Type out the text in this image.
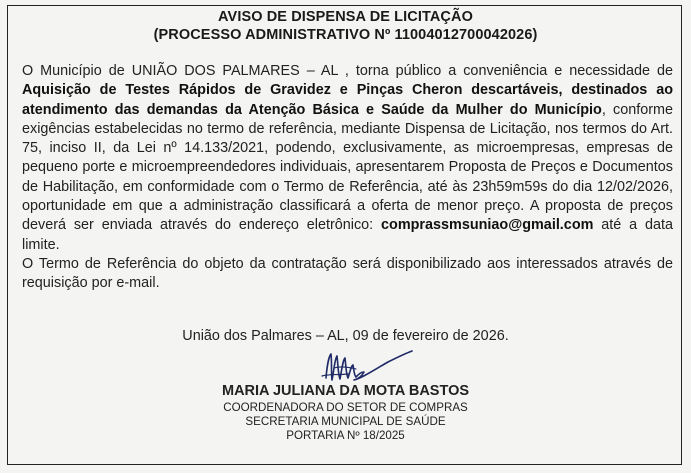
AVISO DE DISPENSA DE LICITAÇÃO
(PROCESSO ADMINISTRATIVO Nº 11004012700042026)

O Município de UNIÃO DOS PALMARES – AL , torna público a conveniência e necessidade de Aquisição de Testes Rápidos de Gravidez e Pinças Cheron descartáveis, destinados ao atendimento das demandas da Atenção Básica e Saúde da Mulher do Município, conforme exigências estabelecidas no termo de referência, mediante Dispensa de Licitação, nos termos do Art. 75, inciso II, da Lei nº 14.133/2021, podendo, exclusivamente, as microempresas, empresas de pequeno porte e microempreendedores individuais, apresentarem Proposta de Preços e Documentos de Habilitação, em conformidade com o Termo de Referência, até às 23h59m59s do dia 12/02/2026, oportunidade em que a administração classificará a oferta de menor preço. A proposta de preços deverá ser enviada através do endereço eletrônico: comprassmsuniao@gmail.com até a data limite.

O Termo de Referência do objeto da contratação será disponibilizado aos interessados através de requisição por e-mail.

União dos Palmares – AL, 09 de fevereiro de 2026.
MARIA JULIANA DA MOTA BASTOS
COORDENADORA DO SETOR DE COMPRAS
SECRETARIA MUNICIPAL DE SAÚDE
PORTARIA Nº 18/2025
